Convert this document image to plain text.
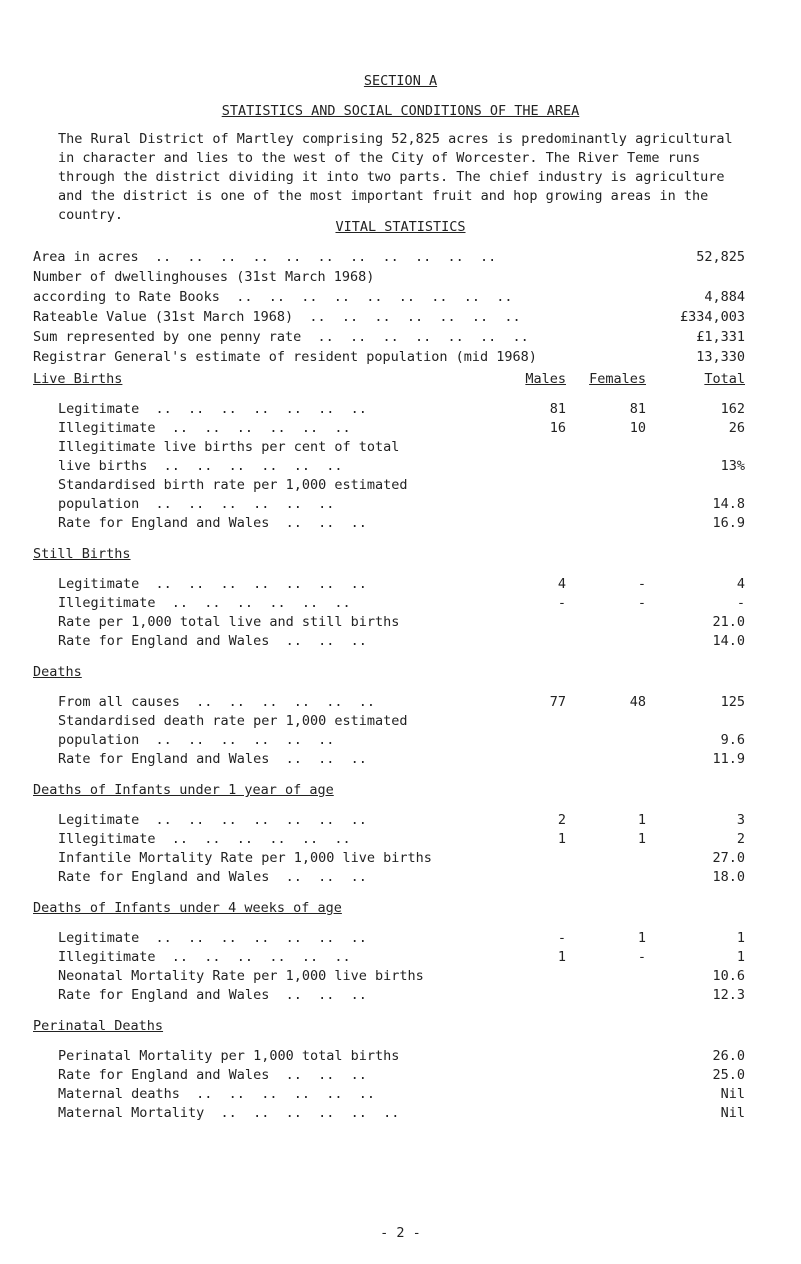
SECTION A
STATISTICS AND SOCIAL CONDITIONS OF THE AREA
The Rural District of Martley comprising 52,825 acres is predominantly agricultural in character and lies to the west of the City of Worcester. The River Teme runs through the district dividing it into two parts. The chief industry is agriculture and the district is one of the most important fruit and hop growing areas in the country.
VITAL STATISTICS
Area in acres  ..  ..  ..  ..  ..  ..  ..  ..  ..  ..  ..	52,825
Number of dwellinghouses (31st March 1968)
according to Rate Books  ..  ..  ..  ..  ..  ..  ..  ..  ..	4,884
Rateable Value (31st March 1968)  ..  ..  ..  ..  ..  ..  ..	£334,003
Sum represented by one penny rate  ..  ..  ..  ..  ..  ..  ..	£1,331
Registrar General's estimate of resident population (mid 1968)	13,330
Live Births	Males Females	Total
Legitimate  ..  ..  ..  ..  ..  ..  ..	81	81	162
Illegitimate  ..  ..  ..  ..  ..  ..	16	10	26
Illegitimate live births per cent of total
live births  ..  ..  ..  ..  ..  ..	13%
Standardised birth rate per 1,000 estimated
population  ..  ..  ..  ..  ..  ..	14.8
Rate for England and Wales  ..  ..  ..	16.9
Still Births
Legitimate  ..  ..  ..  ..  ..  ..  ..	4	-	4
Illegitimate  ..  ..  ..  ..  ..  ..	-	-	-
Rate per 1,000 total live and still births	21.0
Rate for England and Wales  ..  ..  ..	14.0
Deaths
From all causes  ..  ..  ..  ..  ..  ..	77	48	125
Standardised death rate per 1,000 estimated
population  ..  ..  ..  ..  ..  ..	9.6
Rate for England and Wales  ..  ..  ..	11.9
Deaths of Infants under 1 year of age
Legitimate  ..  ..  ..  ..  ..  ..  ..	2	1	3
Illegitimate  ..  ..  ..  ..  ..  ..	1	1	2
Infantile Mortality Rate per 1,000 live births	27.0
Rate for England and Wales  ..  ..  ..	18.0
Deaths of Infants under 4 weeks of age
Legitimate  ..  ..  ..  ..  ..  ..  ..	-	1	1
Illegitimate  ..  ..  ..  ..  ..  ..	1	-	1
Neonatal Mortality Rate per 1,000 live births	10.6
Rate for England and Wales  ..  ..  ..	12.3
Perinatal Deaths
Perinatal Mortality per 1,000 total births	26.0
Rate for England and Wales  ..  ..  ..	25.0
Maternal deaths  ..  ..  ..  ..  ..  ..	Nil
Maternal Mortality  ..  ..  ..  ..  ..  ..	Nil
- 2 -
